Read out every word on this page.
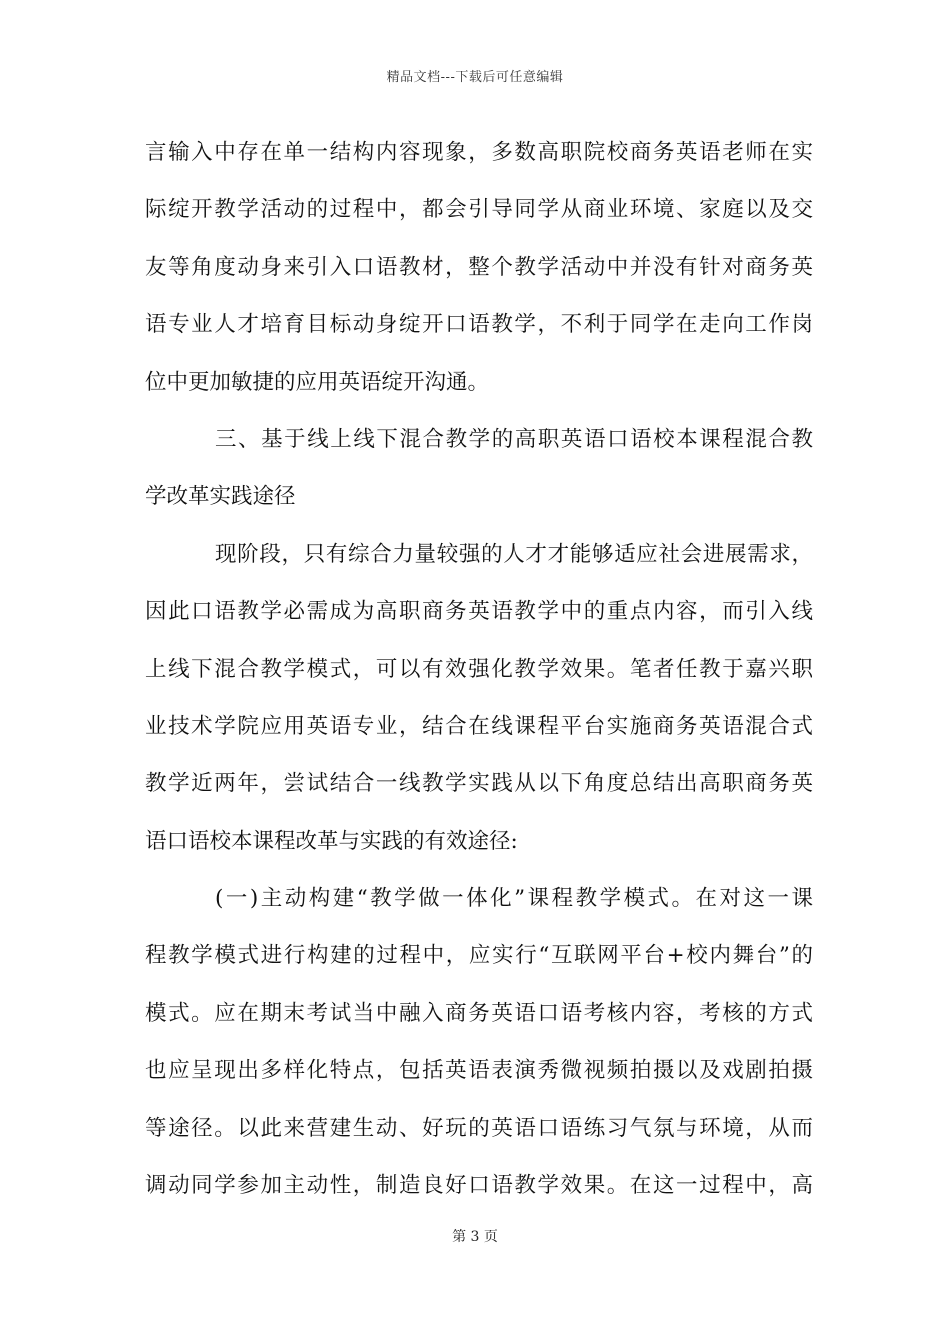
精品文档---下载后可任意编辑
言输入中存在单一结构内容现象，多数高职院校商务英语老师在实
际绽开教学活动的过程中，都会引导同学从商业环境、家庭以及交
友等角度动身来引入口语教材，整个教学活动中并没有针对商务英
语专业人才培育目标动身绽开口语教学，不利于同学在走向工作岗
位中更加敏捷的应用英语绽开沟通。
三、基于线上线下混合教学的高职英语口语校本课程混合教
学改革实践途径
现阶段，只有综合力量较强的人才才能够适应社会进展需求，
因此口语教学必需成为高职商务英语教学中的重点内容，而引入线
上线下混合教学模式，可以有效强化教学效果。笔者任教于嘉兴职
业技术学院应用英语专业，结合在线课程平台实施商务英语混合式
教学近两年，尝试结合一线教学实践从以下角度总结出高职商务英
语口语校本课程改革与实践的有效途径:
(一)主动构建“教学做一体化”课程教学模式。在对这一课
程教学模式进行构建的过程中，应实行“互联网平台+校内舞台”的
模式。应在期末考试当中融入商务英语口语考核内容，考核的方式
也应呈现出多样化特点，包括英语表演秀微视频拍摄以及戏剧拍摄
等途径。以此来营建生动、好玩的英语口语练习气氛与环境，从而
调动同学参加主动性，制造良好口语教学效果。在这一过程中，高
第 3 页
